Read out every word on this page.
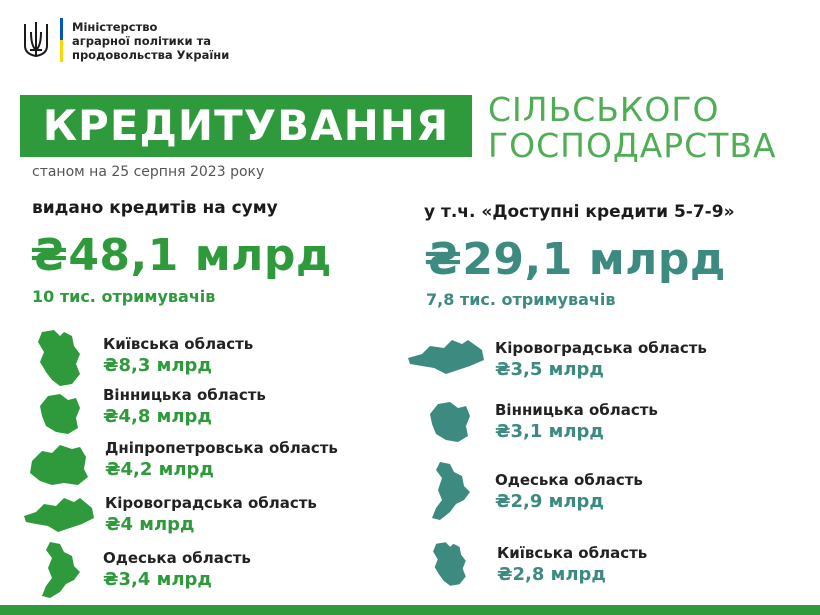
Міністерство
аграрної політики та
продовольства України
КРЕДИТУВАННЯ	СІЛЬСЬКОГО
ГОСПОДАРСТВА
станом на 25 серпня 2023 року
видано кредитів на суму
₴48,1 млрд
10 тис. отримувачів
Київська область
₴8,3 млрд
Вінницька область
₴4,8 млрд
Дніпропетровська область
₴4,2 млрд
Кіровоградська область
₴4 млрд
Одеська область
₴3,4 млрд
у т.ч. «Доступні кредити 5-7-9»
₴29,1 млрд
7,8 тис. отримувачів
Кіровоградська область
₴3,5 млрд
Вінницька область
₴3,1 млрд
Одеська область
₴2,9 млрд
Київська область
₴2,8 млрд
